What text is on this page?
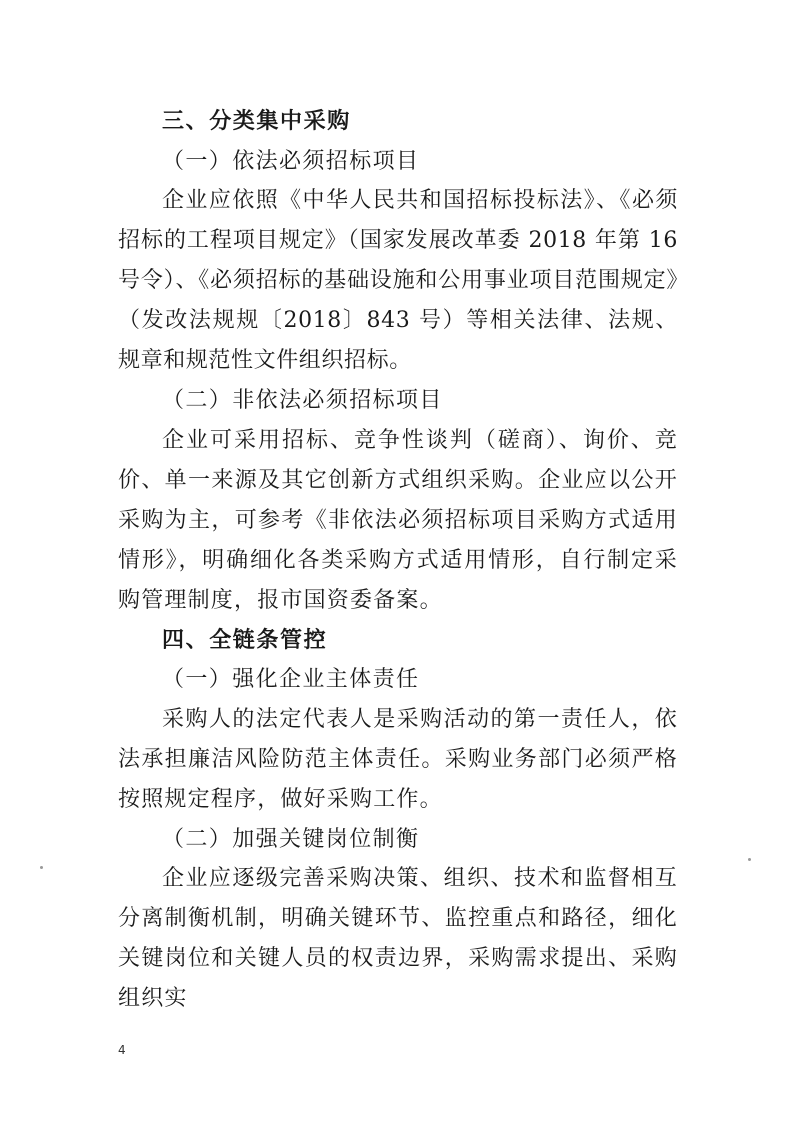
三、分类集中采购

（一）依法必须招标项目

企业应依照《中华人民共和国招标投标法》、《必须招标的工程项目规定》（国家发展改革委 2018 年第 16 号令）、《必须招标的基础设施和公用事业项目范围规定》（发改法规规〔2018〕843 号）等相关法律、法规、规章和规范性文件组织招标。

（二）非依法必须招标项目

企业可采用招标、竞争性谈判（磋商）、询价、竞价、单一来源及其它创新方式组织采购。企业应以公开采购为主，可参考《非依法必须招标项目采购方式适用情形》，明确细化各类采购方式适用情形，自行制定采购管理制度，报市国资委备案。

四、全链条管控

（一）强化企业主体责任

采购人的法定代表人是采购活动的第一责任人，依法承担廉洁风险防范主体责任。采购业务部门必须严格按照规定程序，做好采购工作。

（二）加强关键岗位制衡

企业应逐级完善采购决策、组织、技术和监督相互分离制衡机制，明确关键环节、监控重点和路径，细化关键岗位和关键人员的权责边界，采购需求提出、采购组织实

4
